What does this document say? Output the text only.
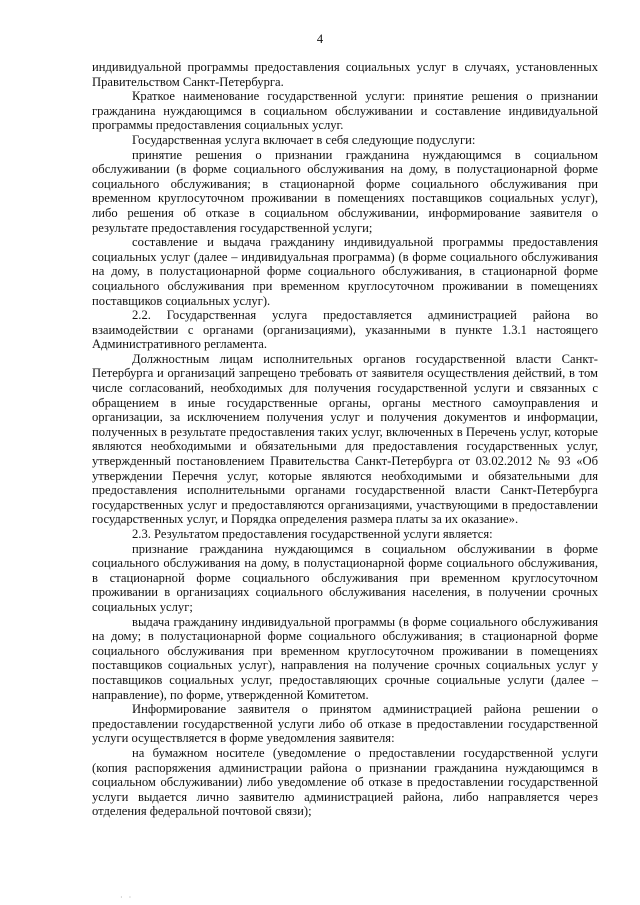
4

индивидуальной программы предоставления социальных услуг в случаях, установленных Правительством Санкт-Петербурга.

Краткое наименование государственной услуги: принятие решения о признании гражданина нуждающимся в социальном обслуживании и составление индивидуальной программы предоставления социальных услуг.

Государственная услуга включает в себя следующие подуслуги:

принятие решения о признании гражданина нуждающимся в социальном обслуживании (в форме социального обслуживания на дому, в полустационарной форме социального обслуживания; в стационарной форме социального обслуживания при временном круглосуточном проживании в помещениях поставщиков социальных услуг), либо решения об отказе в социальном обслуживании, информирование заявителя о результате предоставления государственной услуги;

составление и выдача гражданину индивидуальной программы предоставления социальных услуг (далее – индивидуальная программа) (в форме социального обслуживания на дому, в полустационарной форме социального обслуживания, в стационарной форме социального обслуживания при временном круглосуточном проживании в помещениях поставщиков социальных услуг).

2.2. Государственная услуга предоставляется администрацией района во взаимодействии с органами (организациями), указанными в пункте 1.3.1 настоящего Административного регламента.

Должностным лицам исполнительных органов государственной власти Санкт-Петербурга и организаций запрещено требовать от заявителя осуществления действий, в том числе согласований, необходимых для получения государственной услуги и связанных с обращением в иные государственные органы, органы местного самоуправления и организации, за исключением получения услуг и получения документов и информации, полученных в результате предоставления таких услуг, включенных в Перечень услуг, которые являются необходимыми и обязательными для предоставления государственных услуг, утвержденный постановлением Правительства Санкт-Петербурга от 03.02.2012 № 93 «Об утверждении Перечня услуг, которые являются необходимыми и обязательными для предоставления исполнительными органами государственной власти Санкт-Петербурга государственных услуг и предоставляются организациями, участвующими в предоставлении государственных услуг, и Порядка определения размера платы за их оказание».

2.3. Результатом предоставления государственной услуги является:

признание гражданина нуждающимся в социальном обслуживании в форме социального обслуживания на дому, в полустационарной форме социального обслуживания, в стационарной форме социального обслуживания при временном круглосуточном проживании в организациях социального обслуживания населения, в получении срочных социальных услуг;

выдача гражданину индивидуальной программы (в форме социального обслуживания на дому; в полустационарной форме социального обслуживания; в стационарной форме социального обслуживания при временном круглосуточном проживании в помещениях поставщиков социальных услуг), направления на получение срочных социальных услуг у поставщиков социальных услуг, предоставляющих срочные социальные услуги (далее – направление), по форме, утвержденной Комитетом.

Информирование заявителя о принятом администрацией района решении о предоставлении государственной услуги либо об отказе в предоставлении государственной услуги осуществляется в форме уведомления заявителя:

на бумажном носителе (уведомление о предоставлении государственной услуги (копия распоряжения администрации района о признании гражданина нуждающимся в социальном обслуживании) либо уведомление об отказе в предоставлении государственной услуги выдается лично заявителю администрацией района, либо направляется через отделения федеральной почтовой связи);

· ·
